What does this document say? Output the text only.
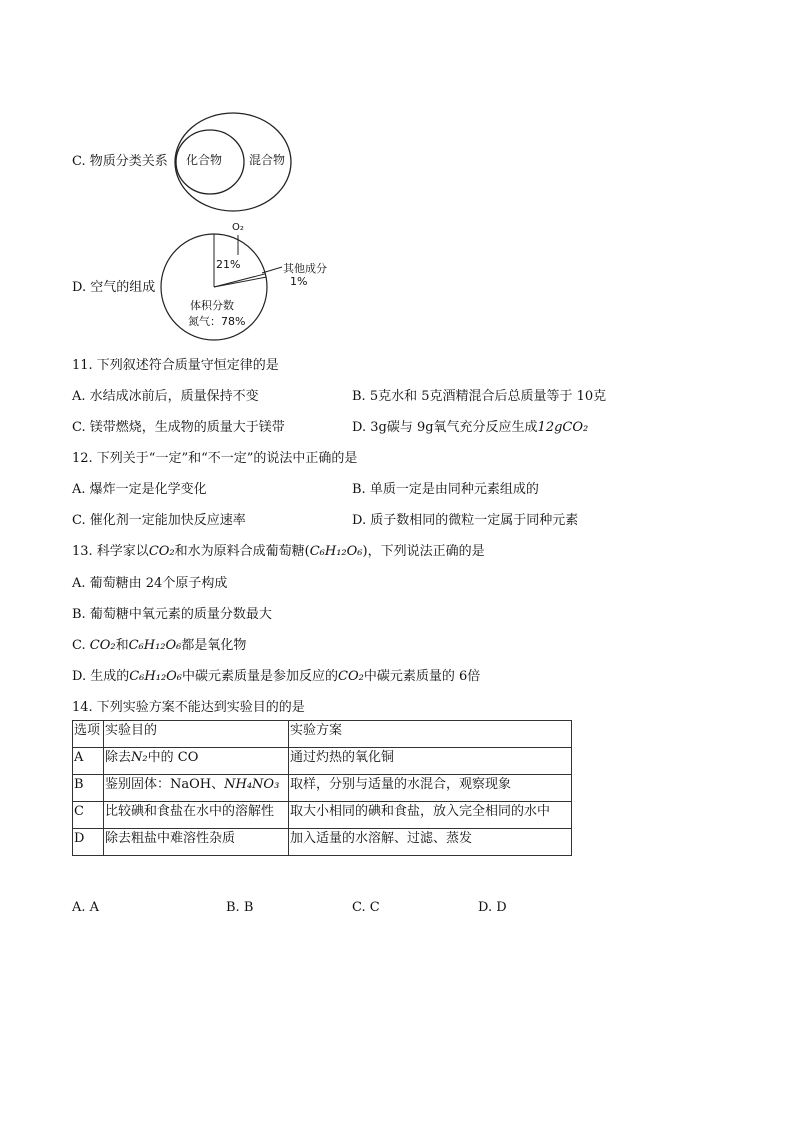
C. 物质分类关系 化合物 混合物
D. 空气的组成
O₂
21%	其他成分
1%
体积分数
氮气：78%
11. 下列叙述符合质量守恒定律的是
A. 水结成冰前后，质量保持不变	B. 5克水和 5克酒精混合后总质量等于 10克
C. 镁带燃烧，生成物的质量大于镁带	D. 3g碳与 9g氧气充分反应生成12gCO₂
12. 下列关于“一定”和“不一定”的说法中正确的是
A. 爆炸一定是化学变化	B. 单质一定是由同种元素组成的
C. 催化剂一定能加快反应速率	D. 质子数相同的微粒一定属于同种元素
13. 科学家以CO₂和水为原料合成葡萄糖(C₆H₁₂O₆)，下列说法正确的是
A. 葡萄糖由 24个原子构成
B. 葡萄糖中氧元素的质量分数最大
C. CO₂和C₆H₁₂O₆都是氧化物
D. 生成的C₆H₁₂O₆中碳元素质量是参加反应的CO₂中碳元素质量的 6倍
14. 下列实验方案不能达到实验目的的是
选项	实验目的	实验方案
A	除去N₂中的 CO	通过灼热的氧化铜
B	鉴别固体：NaOH、NH₄NO₃	取样，分别与适量的水混合，观察现象
C	比较碘和食盐在水中的溶解性	取大小相同的碘和食盐，放入完全相同的水中
D	除去粗盐中难溶性杂质	加入适量的水溶解、过滤、蒸发
A. A	B. B	C. C	D. D
